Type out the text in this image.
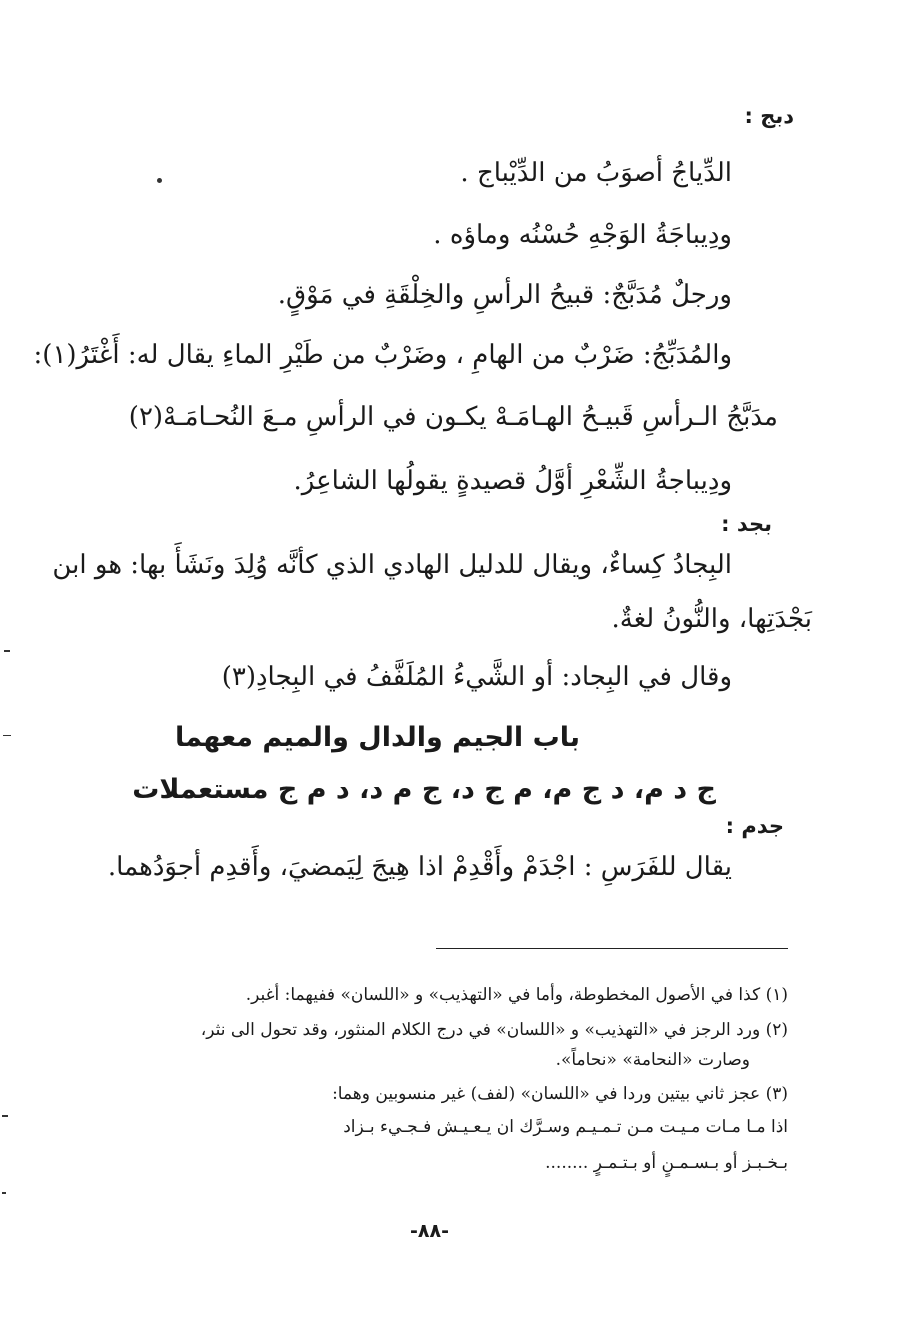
دبج :
الدِّياجُ أصوَبُ من الدِّيْباج .
ودِيباجَةُ الوَجْهِ حُسْنُه وماؤه .
ورجلٌ مُدَبَّجٌ: قبيحُ الرأسِ والخِلْقَةِ في مَوْقٍ.
والمُدَبِّجُ: ضَرْبٌ من الهامِ ، وضَرْبٌ من طَيْرِ الماءِ يقال له: أَغْتَرُ(١):
مدَبَّجُ الـرأسِ قَبيـحُ الهـامَـهْ يكـون في الرأسِ مـعَ النُحـامَـهْ(٢)
ودِيباجةُ الشِّعْرِ أوَّلُ قصيدةٍ يقولُها الشاعِرُ.
بجد :
البِجادُ كِساءٌ، ويقال للدليل الهادي الذي كأنَّه وُلِدَ ونَشَأَ بها: هو ابن
بَجْدَتِها، والنُّونُ لغةٌ.
وقال في البِجاد: أو الشَّيءُ المُلَفَّفُ في البِجادِ(٣)
باب الجيم والدال والميم معهما
ج د م، د ج م، م ج د، ج م د، د م ج مستعملات
جدم :
يقال للفَرَسِ : اجْدَمْ وأَقْدِمْ اذا هِيجَ لِيَمضيَ، وأَقدِم أجوَدُهما.
(١) كذا في الأصول المخطوطة، وأما في «التهذيب» و «اللسان» ففيهما: أغبر.
(٢) ورد الرجز في «التهذيب» و «اللسان» في درج الكلام المنثور، وقد تحول الى نثر،
وصارت «النحامة» «نحاماً».
(٣) عجز ثاني بيتين وردا في «اللسان» (لفف) غير منسوبين وهما:
اذا مـا مـات مـيـت مـن تـمـيـم وسـرَّك ان يـعـيـش فـجـيء بـزاد
بـخـبـز أو بـسـمـنٍ أو بـتـمـرٍ ........
-٨٨-
